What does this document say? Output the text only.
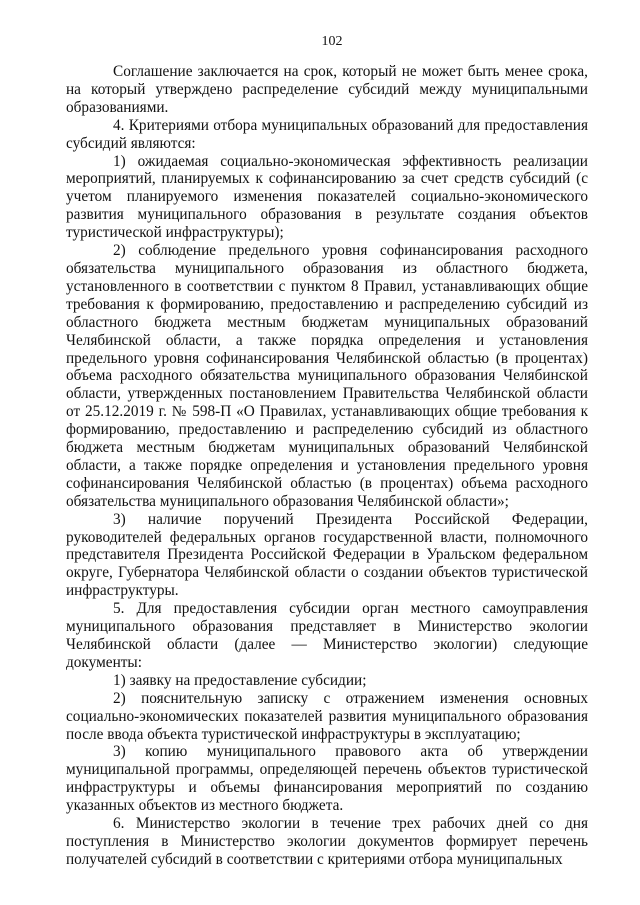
102

Соглашение заключается на срок, который не может быть менее срока, на который утверждено распределение субсидий между муниципальными образованиями.

4. Критериями отбора муниципальных образований для предоставления субсидий являются:

1) ожидаемая социально-экономическая эффективность реализации мероприятий, планируемых к софинансированию за счет средств субсидий (с учетом планируемого изменения показателей социально-экономического развития муниципального образования в результате создания объектов туристической инфраструктуры);

2) соблюдение предельного уровня софинансирования расходного обязательства муниципального образования из областного бюджета, установленного в соответствии с пунктом 8 Правил, устанавливающих общие требования к формированию, предоставлению и распределению субсидий из областного бюджета местным бюджетам муниципальных образований Челябинской области, а также порядка определения и установления предельного уровня софинансирования Челябинской областью (в процентах) объема расходного обязательства муниципального образования Челябинской области, утвержденных постановлением Правительства Челябинской области от 25.12.2019 г. № 598-П «О Правилах, устанавливающих общие требования к формированию, предоставлению и распределению субсидий из областного бюджета местным бюджетам муниципальных образований Челябинской области, а также порядке определения и установления предельного уровня софинансирования Челябинской областью (в процентах) объема расходного обязательства муниципального образования Челябинской области»;

3) наличие поручений Президента Российской Федерации, руководителей федеральных органов государственной власти, полномочного представителя Президента Российской Федерации в Уральском федеральном округе, Губернатора Челябинской области о создании объектов туристической инфраструктуры.

5. Для предоставления субсидии орган местного самоуправления муниципального образования представляет в Министерство экологии Челябинской области (далее — Министерство экологии) следующие документы:

1) заявку на предоставление субсидии;

2) пояснительную записку с отражением изменения основных социально-экономических показателей развития муниципального образования после ввода объекта туристической инфраструктуры в эксплуатацию;

3) копию муниципального правового акта об утверждении муниципальной программы, определяющей перечень объектов туристической инфраструктуры и объемы финансирования мероприятий по созданию указанных объектов из местного бюджета.

6. Министерство экологии в течение трех рабочих дней со дня поступления в Министерство экологии документов формирует перечень получателей субсидий в соответствии с критериями отбора муниципальных
